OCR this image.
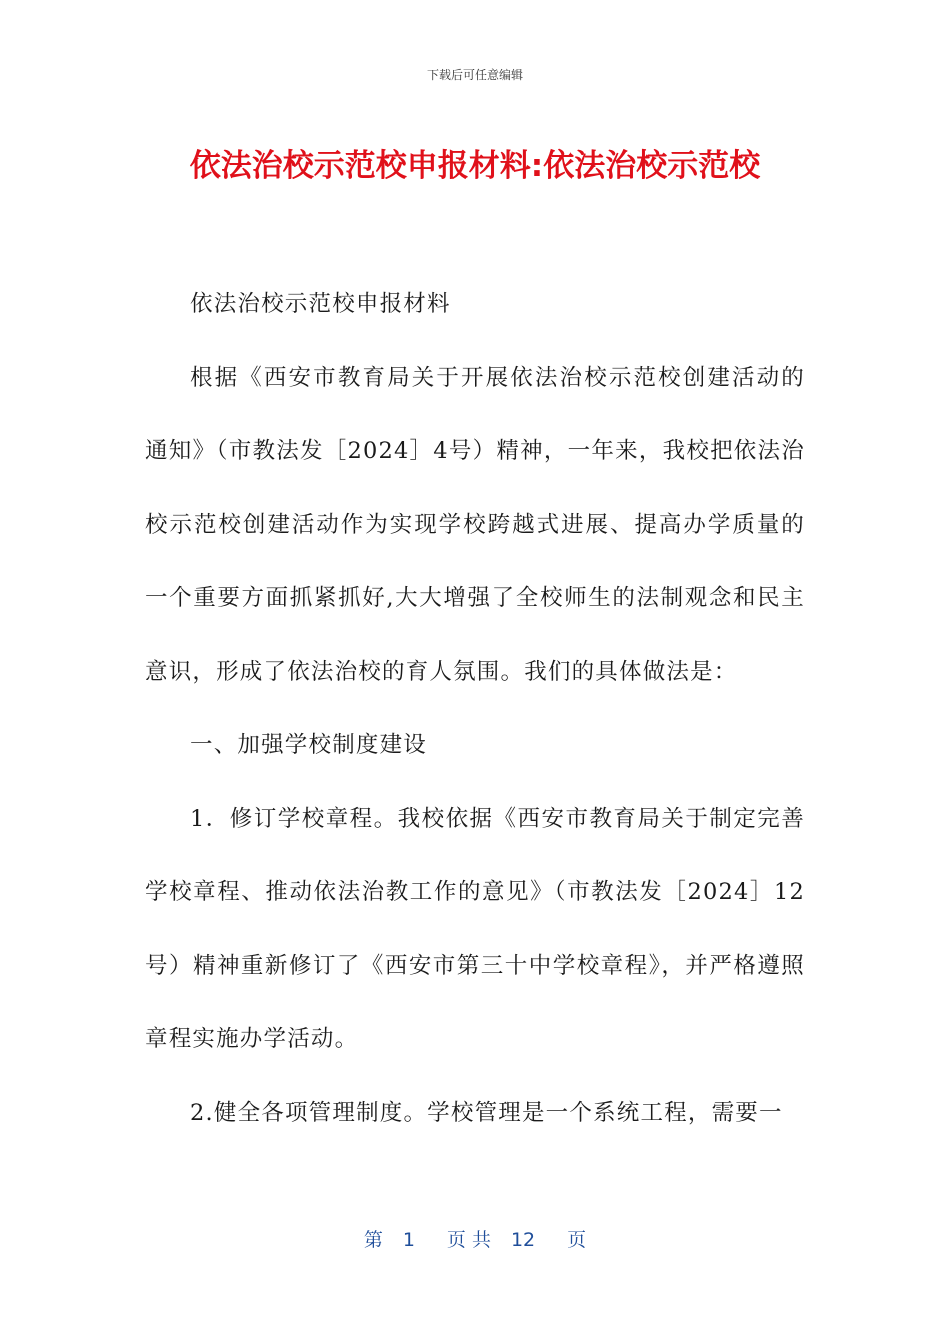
下载后可任意编辑
依法治校示范校申报材料:依法治校示范校

依法治校示范校申报材料

根据《西安市教育局关于开展依法治校示范校创建活动的通知》（市教法发［2024］4号）精神，一年来，我校把依法治校示范校创建活动作为实现学校跨越式进展、提高办学质量的一个重要方面抓紧抓好,大大增强了全校师生的法制观念和民主意识，形成了依法治校的育人氛围。我们的具体做法是：

一、加强学校制度建设

1．修订学校章程。我校依据《西安市教育局关于制定完善学校章程、推动依法治教工作的意见》（市教法发［2024］12号）精神重新修订了《西安市第三十中学校章程》，并严格遵照章程实施办学活动。

2.健全各项管理制度。学校管理是一个系统工程，需要一

第 1 页 共 12 页
